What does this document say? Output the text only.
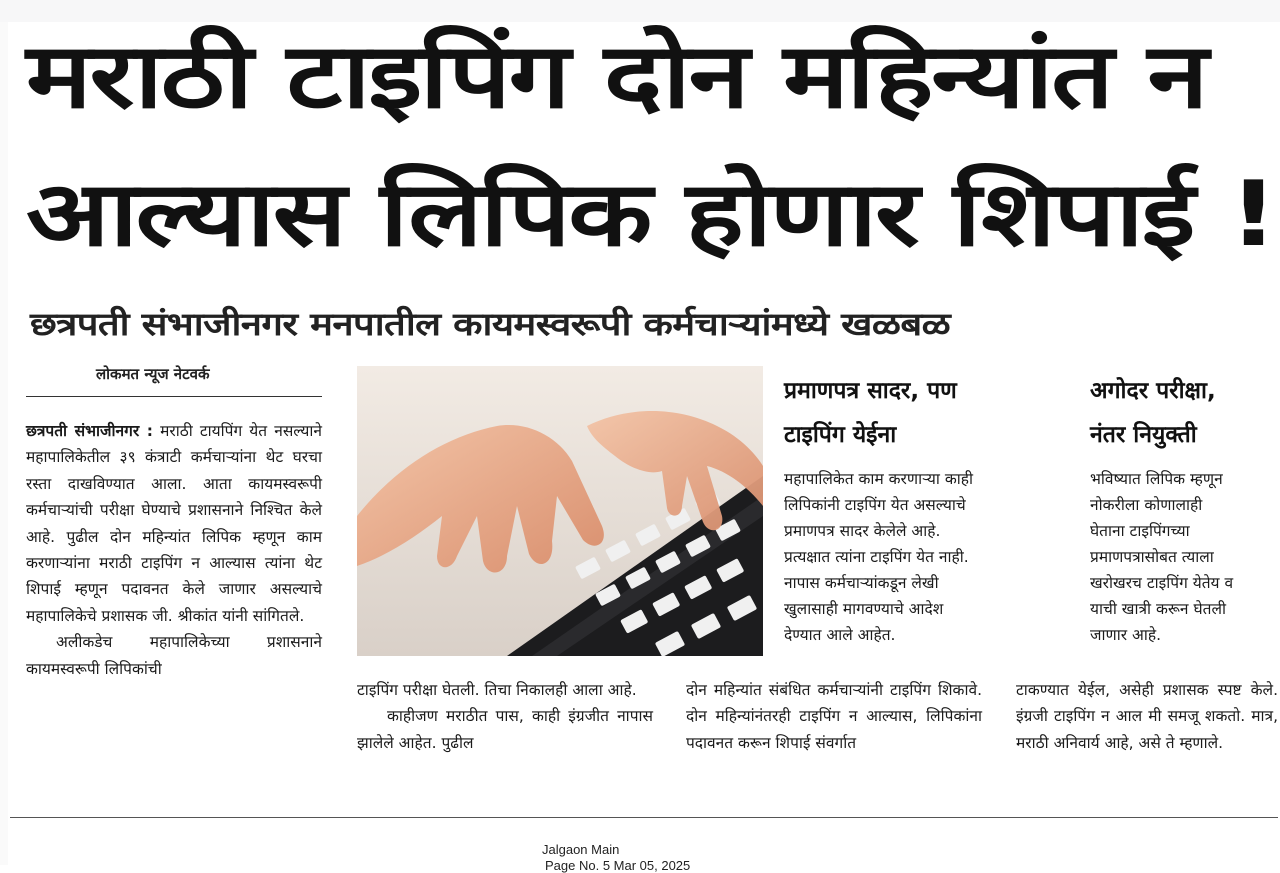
मराठी टाइपिंग दोन महिन्यांत न
आल्यास लिपिक होणार शिपाई !
छत्रपती संभाजीनगर मनपातील कायमस्वरूपी कर्मचाऱ्यांमध्ये खळबळ
लोकमत न्यूज नेटवर्क

छत्रपती संभाजीनगर : मराठी टायपिंग येत नसल्याने महापालिकेतील ३९ कंत्राटी कर्मचाऱ्यांना थेट घरचा रस्ता दाखविण्यात आला. आता कायमस्वरूपी कर्मचाऱ्यांची परीक्षा घेण्याचे प्रशासनाने निश्चित केले आहे. पुढील दोन महिन्यांत लिपिक म्हणून काम करणाऱ्यांना मराठी टाइपिंग न आल्यास त्यांना थेट शिपाई म्हणून पदावनत केले जाणार असल्याचे महापालिकेचे प्रशासक जी. श्रीकांत यांनी सांगितले.

अलीकडेच महापालिकेच्या प्रशासनाने कायमस्वरूपी लिपिकांची

टाइपिंग परीक्षा घेतली. तिचा निकालही आला आहे.

काहीजण मराठीत पास, काही इंग्रजीत नापास झालेले आहेत. पुढील

दोन महिन्यांत संबंधित कर्मचाऱ्यांनी टाइपिंग शिकावे. दोन महिन्यांनंतरही टाइपिंग न आल्यास, लिपिकांना पदावनत करून शिपाई संवर्गात

टाकण्यात येईल, असेही प्रशासक स्पष्ट केले. इंग्रजी टाइपिंग न आल मी समजू शकतो. मात्र, मराठी अनिवार्य आहे, असे ते म्हणाले.

प्रमाणपत्र सादर, पण
टाइपिंग येईना
महापालिकेत काम करणाऱ्या काही
लिपिकांनी टाइपिंग येत असल्याचे
प्रमाणपत्र सादर केलेले आहे.
प्रत्यक्षात त्यांना टाइपिंग येत नाही.
नापास कर्मचाऱ्यांकडून लेखी
खुलासाही मागवण्याचे आदेश
देण्यात आले आहेत.
अगोदर परीक्षा,
नंतर नियुक्ती
भविष्यात लिपिक म्हणून
नोकरीला कोणालाही
घेताना टाइपिंगच्या
प्रमाणपत्रासोबत त्याला
खरोखरच टाइपिंग येतेय व
याची खात्री करून घेतली
जाणार आहे.
Jalgaon Main
Page No. 5 Mar 05, 2025
